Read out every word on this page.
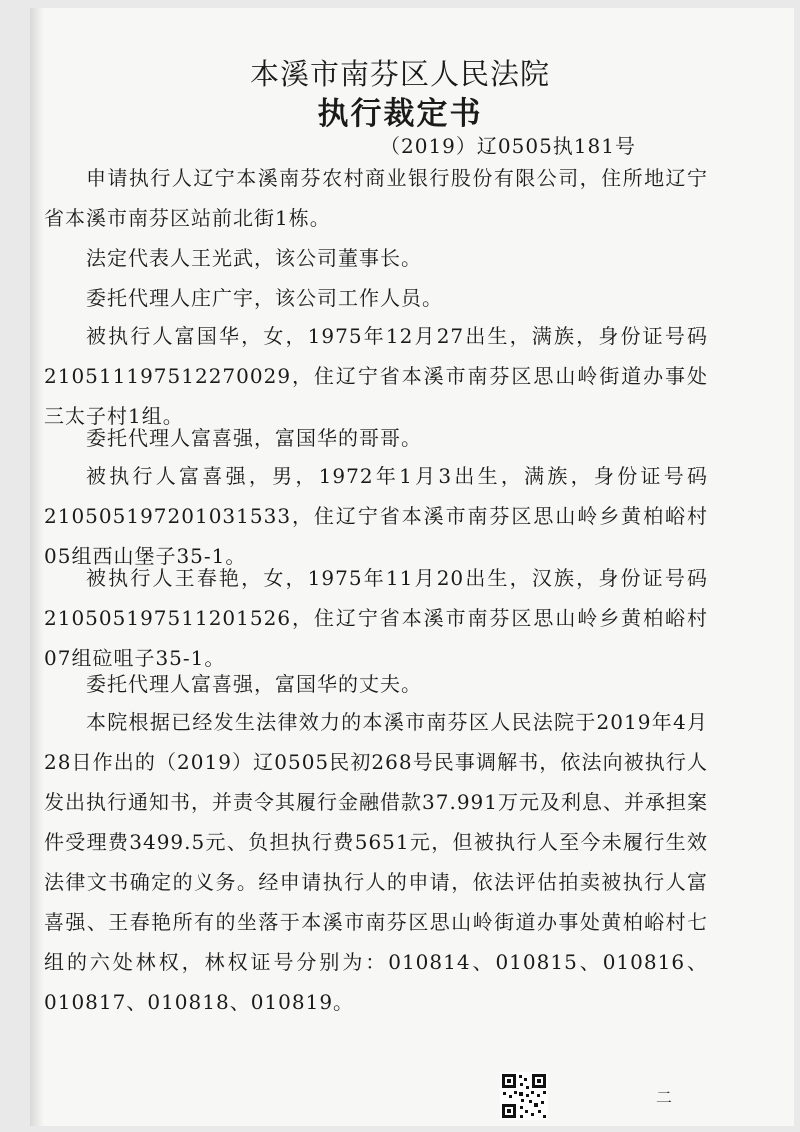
本溪市南芬区人民法院
执行裁定书
（2019）辽0505执181号

申请执行人辽宁本溪南芬农村商业银行股份有限公司，住所地辽宁省本溪市南芬区站前北街1栋。

法定代表人王光武，该公司董事长。

委托代理人庄广宇，该公司工作人员。

被执行人富国华，女，1975年12月27出生，满族，身份证号码210511197512270029，住辽宁省本溪市南芬区思山岭街道办事处三太子村1组。

委托代理人富喜强，富国华的哥哥。

被执行人富喜强，男，1972年1月3出生，满族，身份证号码210505197201031533，住辽宁省本溪市南芬区思山岭乡黄柏峪村05组西山堡子35-1。

被执行人王春艳，女，1975年11月20出生，汉族，身份证号码210505197511201526，住辽宁省本溪市南芬区思山岭乡黄柏峪村07组砬咀子35-1。

委托代理人富喜强，富国华的丈夫。

本院根据已经发生法律效力的本溪市南芬区人民法院于2019年4月28日作出的（2019）辽0505民初268号民事调解书，依法向被执行人发出执行通知书，并责令其履行金融借款37.991万元及利息、并承担案件受理费3499.5元、负担执行费5651元，但被执行人至今未履行生效法律文书确定的义务。经申请执行人的申请，依法评估拍卖被执行人富喜强、王春艳所有的坐落于本溪市南芬区思山岭街道办事处黄柏峪村七组的六处林权，林权证号分别为：010814、010815、010816、010817、010818、010819。

二
